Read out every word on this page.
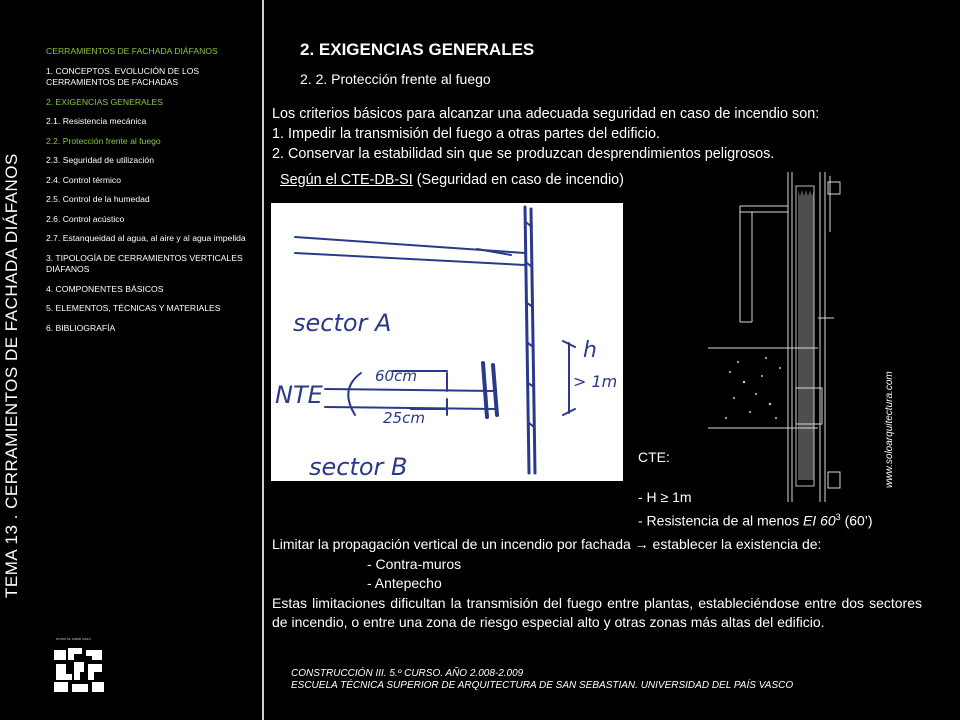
TEMA 13 . CERRAMIENTOS DE FACHADA DIÁFANOS
CERRAMIENTOS DE FACHADA DIÁFANOS
1. CONCEPTOS. EVOLUCIÓN DE LOS CERRAMIENTOS DE FACHADAS
2. EXIGENCIAS GENERALES
2.1. Resistencia mecánica
2.2. Protección frente al fuego
2.3. Seguridad de utilización
2.4. Control térmico
2.5. Control de la humedad
2.6. Control acústico
2.7. Estanqueidad al agua, al aire y al agua impelida
3. TIPOLOGÍA DE CERRAMIENTOS VERTICALES DIÁFANOS
4. COMPONENTES BÁSICOS
5. ELEMENTOS, TÉCNICAS Y MATERIALES
6. BIBLIOGRAFÍA
eman ta zabal zazu
2. EXIGENCIAS GENERALES
2. 2. Protección frente al fuego
Los criterios básicos para alcanzar una adecuada seguridad en caso de incendio son:
1. Impedir la transmisión del fuego a otras partes del edificio.
2. Conservar la estabilidad sin que se produzcan desprendimientos peligrosos.
Según el CTE-DB-SI (Seguridad en caso de incendio)
sector A
sector B
NTE
60cm
25cm
h
> 1m	www.soloarquitectura.com
CTE:
- H ≥ 1m
- Resistencia de al menos EI $60^3$ (60’)
Limitar la propagación vertical de un incendio por fachada → establecer la existencia de:
- Contra-muros
- Antepecho
Estas limitaciones dificultan la transmisión del fuego entre plantas, estableciéndose entre dos sectores de incendio, o entre una zona de riesgo especial alto y otras zonas más altas del edificio.
CONSTRUCCIÓN III. 5.º CURSO. AÑO 2.008-2.009
ESCUELA TÉCNICA SUPERIOR DE ARQUITECTURA DE SAN SEBASTIAN. UNIVERSIDAD DEL PAÍS VASCO
